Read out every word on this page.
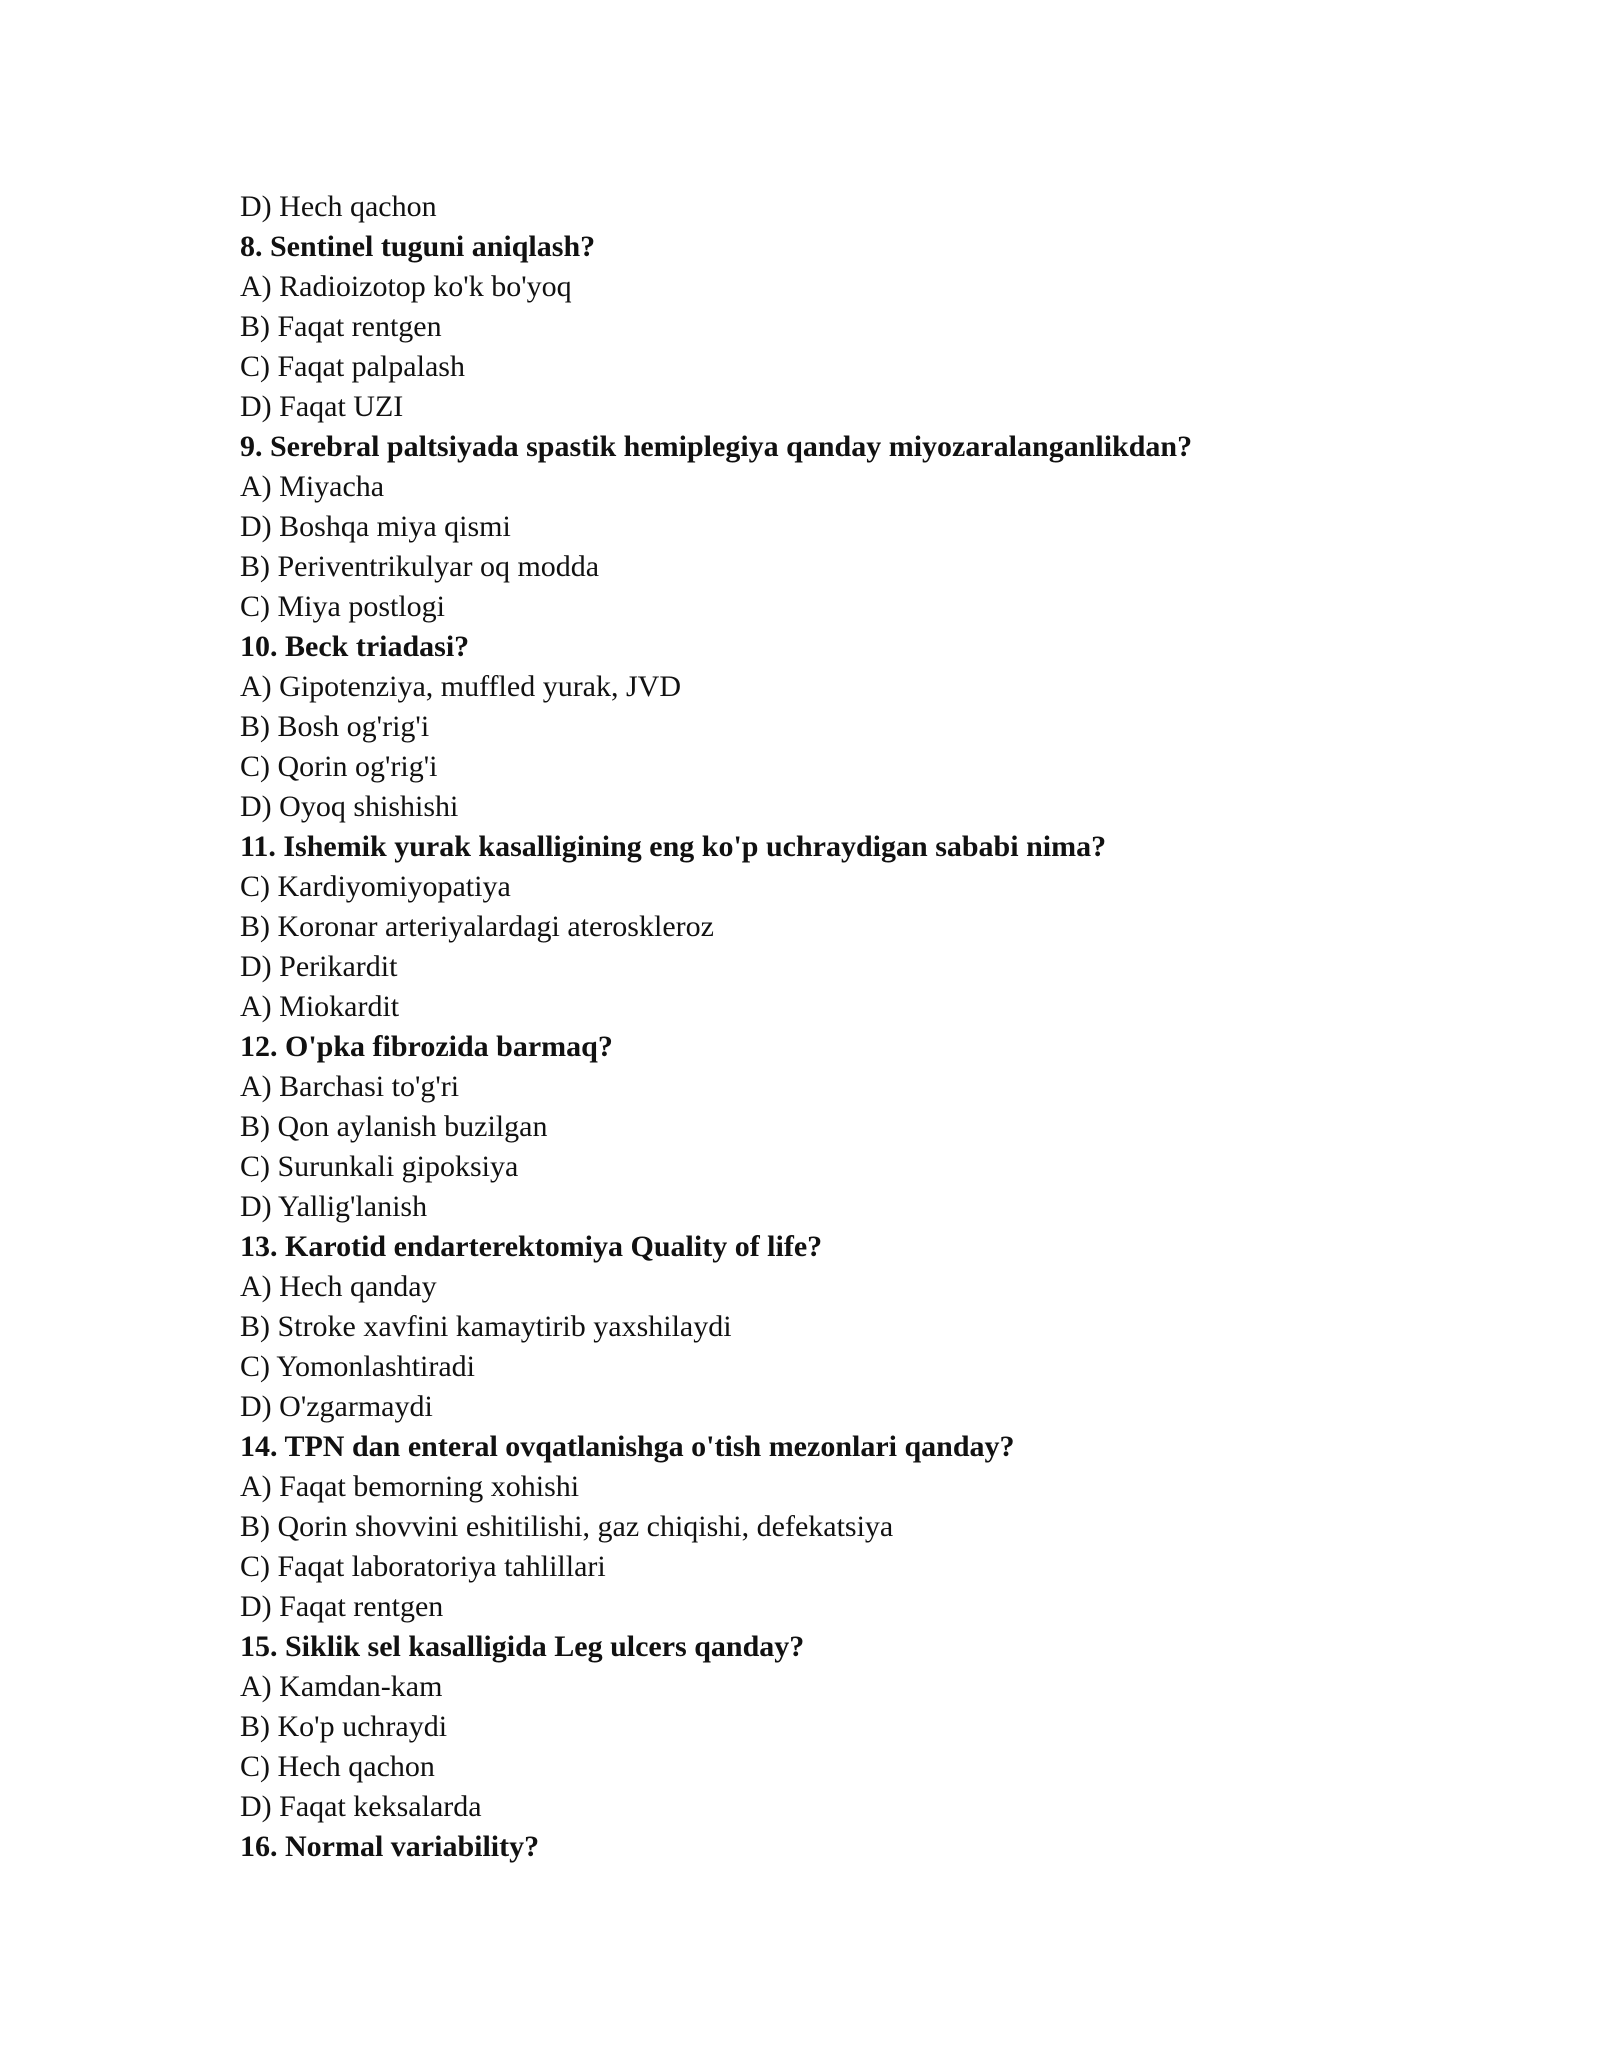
D) Hech qachon
8. Sentinel tuguni aniqlash?
A) Radioizotop ko'k bo'yoq
B) Faqat rentgen
C) Faqat palpalash
D) Faqat UZI
9. Serebral paltsiyada spastik hemiplegiya qanday miyozaralanganlikdan?
A) Miyacha
D) Boshqa miya qismi
B) Periventrikulyar oq modda
C) Miya postlogi
10. Beck triadasi?
A) Gipotenziya, muffled yurak, JVD
B) Bosh og'rig'i
C) Qorin og'rig'i
D) Oyoq shishishi
11. Ishemik yurak kasalligining eng ko'p uchraydigan sababi nima?
C) Kardiyomiyopatiya
B) Koronar arteriyalardagi ateroskleroz
D) Perikardit
A) Miokardit
12. O'pka fibrozida barmaq?
A) Barchasi to'g'ri
B) Qon aylanish buzilgan
C) Surunkali gipoksiya
D) Yallig'lanish
13. Karotid endarterektomiya Quality of life?
A) Hech qanday
B) Stroke xavfini kamaytirib yaxshilaydi
C) Yomonlashtiradi
D) O'zgarmaydi
14. TPN dan enteral ovqatlanishga o'tish mezonlari qanday?
A) Faqat bemorning xohishi
B) Qorin shovvini eshitilishi, gaz chiqishi, defekatsiya
C) Faqat laboratoriya tahlillari
D) Faqat rentgen
15. Siklik sel kasalligida Leg ulcers qanday?
A) Kamdan-kam
B) Ko'p uchraydi
C) Hech qachon
D) Faqat keksalarda
16. Normal variability?
